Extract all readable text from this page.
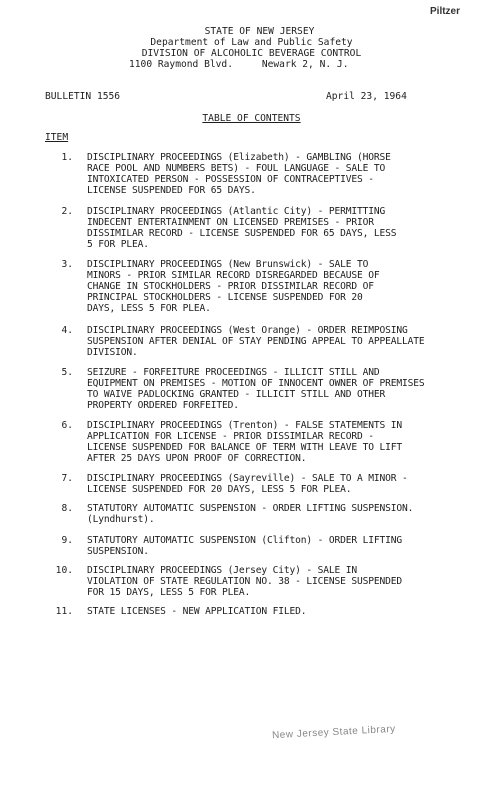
Piltzer
STATE OF NEW JERSEY
Department of Law and Public Safety
DIVISION OF ALCOHOLIC BEVERAGE CONTROL
1100 Raymond Blvd.     Newark 2, N. J.
BULLETIN 1556	April 23, 1964
TABLE OF CONTENTS
ITEM
1. DISCIPLINARY PROCEEDINGS (Elizabeth) - GAMBLING (HORSE
RACE POOL AND NUMBERS BETS) - FOUL LANGUAGE - SALE TO
INTOXICATED PERSON - POSSESSION OF CONTRACEPTIVES -
LICENSE SUSPENDED FOR 65 DAYS.
2. DISCIPLINARY PROCEEDINGS (Atlantic City) - PERMITTING
INDECENT ENTERTAINMENT ON LICENSED PREMISES - PRIOR
DISSIMILAR RECORD - LICENSE SUSPENDED FOR 65 DAYS, LESS
5 FOR PLEA.
3. DISCIPLINARY PROCEEDINGS (New Brunswick) - SALE TO
MINORS - PRIOR SIMILAR RECORD DISREGARDED BECAUSE OF
CHANGE IN STOCKHOLDERS - PRIOR DISSIMILAR RECORD OF
PRINCIPAL STOCKHOLDERS - LICENSE SUSPENDED FOR 20
DAYS, LESS 5 FOR PLEA.
4. DISCIPLINARY PROCEEDINGS (West Orange) - ORDER REIMPOSING
SUSPENSION AFTER DENIAL OF STAY PENDING APPEAL TO APPEALLATE
DIVISION.
5. SEIZURE - FORFEITURE PROCEEDINGS - ILLICIT STILL AND
EQUIPMENT ON PREMISES - MOTION OF INNOCENT OWNER OF PREMISES
TO WAIVE PADLOCKING GRANTED - ILLICIT STILL AND OTHER
PROPERTY ORDERED FORFEITED.
6. DISCIPLINARY PROCEEDINGS (Trenton) - FALSE STATEMENTS IN
APPLICATION FOR LICENSE - PRIOR DISSIMILAR RECORD -
LICENSE SUSPENDED FOR BALANCE OF TERM WITH LEAVE TO LIFT
AFTER 25 DAYS UPON PROOF OF CORRECTION.
7. DISCIPLINARY PROCEEDINGS (Sayreville) - SALE TO A MINOR -
LICENSE SUSPENDED FOR 20 DAYS, LESS 5 FOR PLEA.
8. STATUTORY AUTOMATIC SUSPENSION - ORDER LIFTING SUSPENSION.
(Lyndhurst).
9. STATUTORY AUTOMATIC SUSPENSION (Clifton) - ORDER LIFTING
SUSPENSION.
10. DISCIPLINARY PROCEEDINGS (Jersey City) - SALE IN
VIOLATION OF STATE REGULATION NO. 38 - LICENSE SUSPENDED
FOR 15 DAYS, LESS 5 FOR PLEA.
11. STATE LICENSES - NEW APPLICATION FILED.
New Jersey State Library
